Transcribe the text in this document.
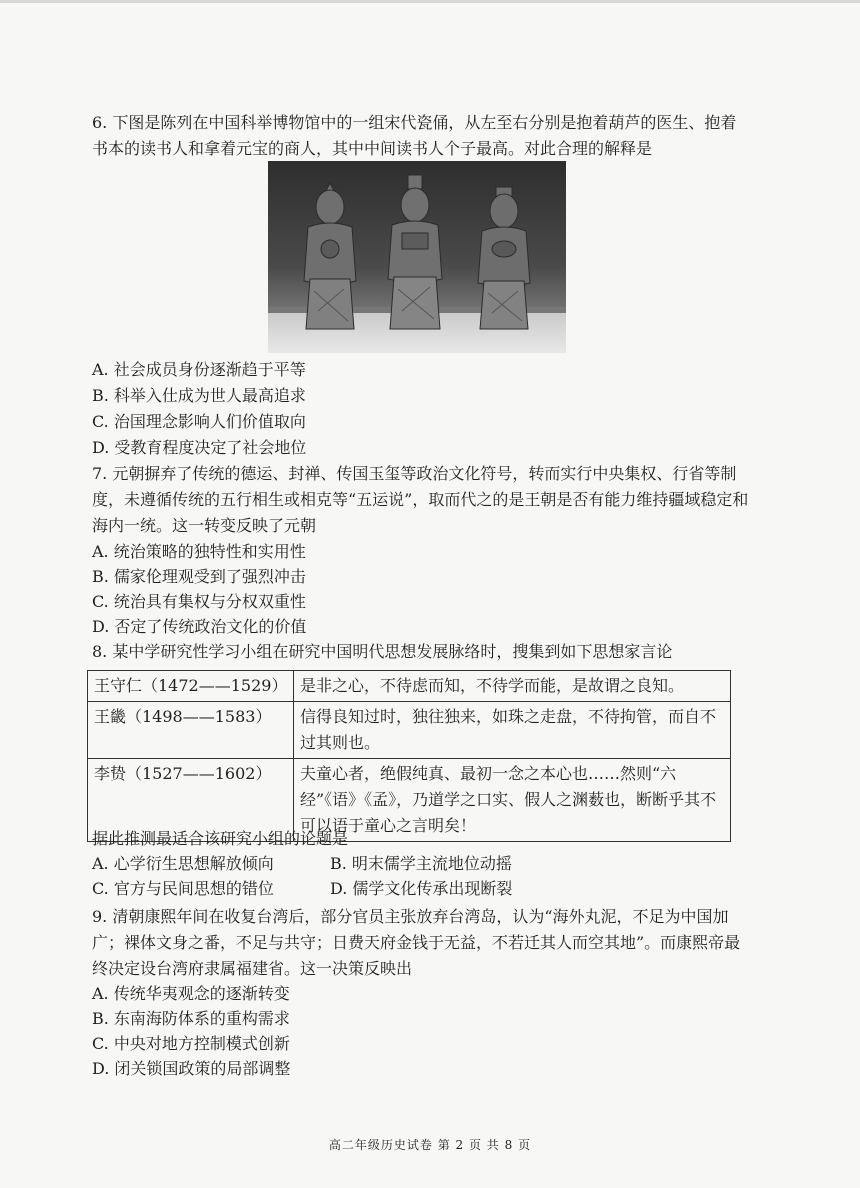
6. 下图是陈列在中国科举博物馆中的一组宋代瓷俑，从左至右分别是抱着葫芦的医生、抱着书本的读书人和拿着元宝的商人，其中中间读书人个子最高。对此合理的解释是
A. 社会成员身份逐渐趋于平等
B. 科举入仕成为世人最高追求
C. 治国理念影响人们价值取向
D. 受教育程度决定了社会地位
7. 元朝摒弃了传统的德运、封禅、传国玉玺等政治文化符号，转而实行中央集权、行省等制度，未遵循传统的五行相生或相克等“五运说”，取而代之的是王朝是否有能力维持疆域稳定和海内一统。这一转变反映了元朝
A. 统治策略的独特性和实用性
B. 儒家伦理观受到了强烈冲击
C. 统治具有集权与分权双重性
D. 否定了传统政治文化的价值
8. 某中学研究性学习小组在研究中国明代思想发展脉络时，搜集到如下思想家言论
王守仁（1472——1529）	是非之心，不待虑而知，不待学而能，是故谓之良知。
王畿（1498——1583）	信得良知过时，独往独来，如珠之走盘，不待拘管，而自不过其则也。
李贽（1527——1602）	夫童心者，绝假纯真、最初一念之本心也……然则“六经”《语》《孟》，乃道学之口实、假人之渊薮也，断断乎其不可以语于童心之言明矣！
据此推测最适合该研究小组的论题是
A. 心学衍生思想解放倾向	B. 明末儒学主流地位动摇
C. 官方与民间思想的错位	D. 儒学文化传承出现断裂
9. 清朝康熙年间在收复台湾后，部分官员主张放弃台湾岛，认为“海外丸泥，不足为中国加广；裸体文身之番，不足与共守；日费天府金钱于无益，不若迁其人而空其地”。而康熙帝最终决定设台湾府隶属福建省。这一决策反映出
A. 传统华夷观念的逐渐转变
B. 东南海防体系的重构需求
C. 中央对地方控制模式创新
D. 闭关锁国政策的局部调整
高二年级历史试卷 第 2 页 共 8 页
